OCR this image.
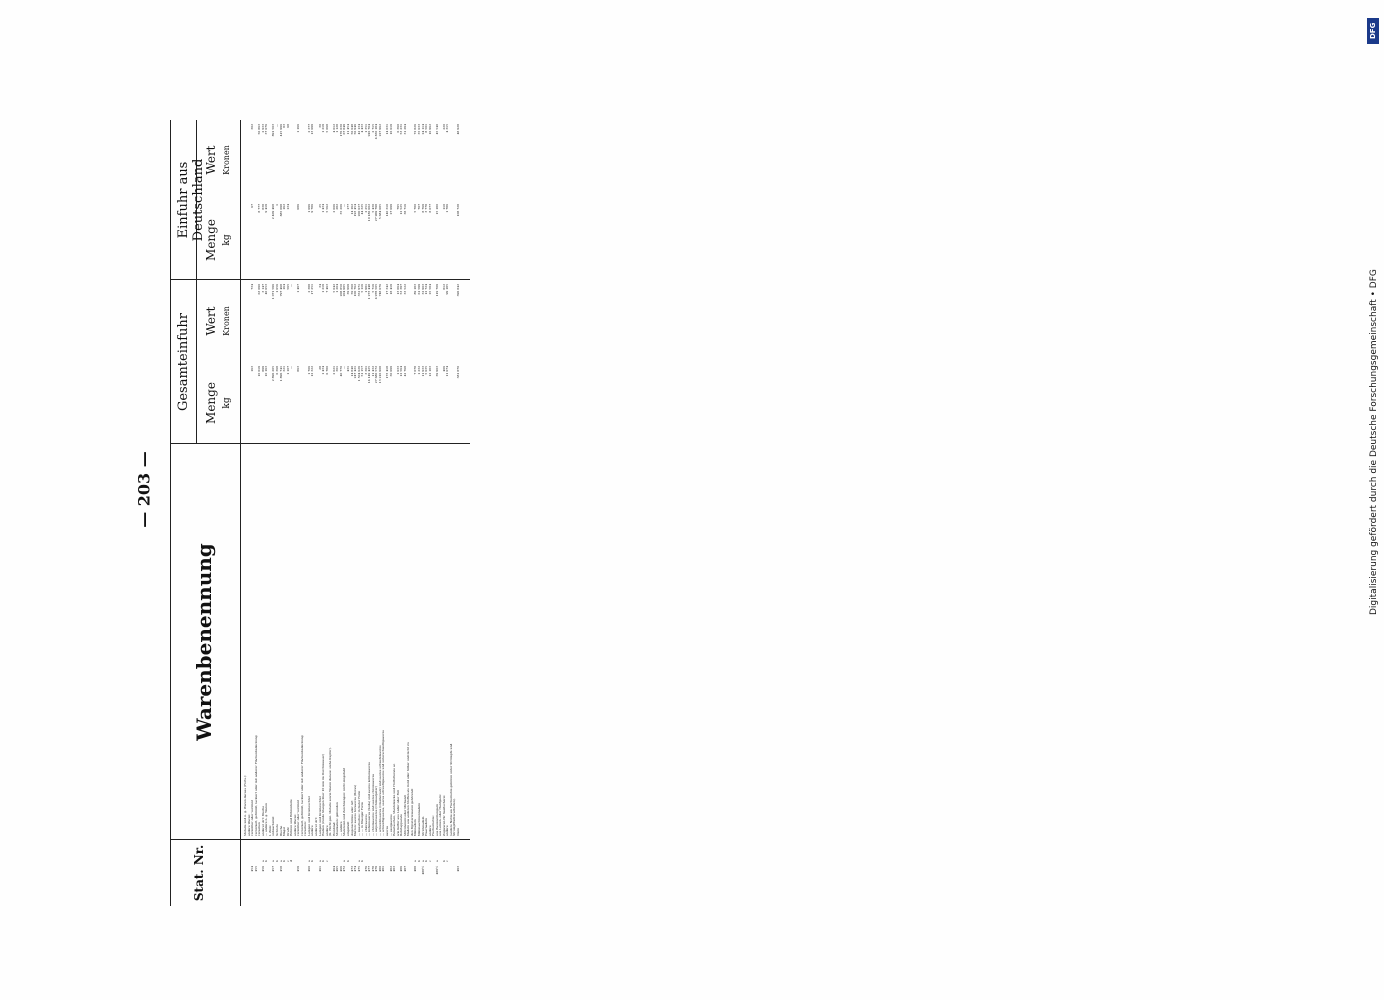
— 203 —
Stat. Nr.
Warenbenennung
Gesamteinfuhr
Einfuhr aus Deutschland
Menge kg
Wert Kronen
Menge kg
Wert Kronen
Metalle und n. g. Waren daraus (Forts.): andere Waren:
454
verzollter oder verzinnt
163
734
67
302
455
vernickelt, gefirnißt, lackiert oder mit anderer Flächenbedeckung versehen
10 019
63 090
8 777
56 863
456
a
anderer Art: Bleche
899
3 147
838
2 933
b
— andere n. g. Waren
10 163
40 653
9 419
37 676
I. Zink:
457
a
unbearbeitet
2 896 205
1 071 596
2 409 468
891 503
b
Schrote
6 368
1 656
1
—
458
a
Bleche
1 896 741
797 468
885 098
415 996
b
Nägel
321
164
162
83
c
Draht
1 107
565
134
68
d
Röhren und Röhrenteile
—
—
andere Waren:
459
verzollter oder verzinnt
863
1 467
686
1 166
vernickelt, gefirnißt, lackiert oder mit anderer Flächenbedeckung versehen:
460
a
Lampen und Kronleuchter
1 706
2 388
1 696
2 377
b
andere
12 322
17 251
9 786
13 699
anderer Art:
461
a
Lampen und Kronleuchter
28
34
25
30
b
Walzen (runde Stangen über 10 mm im Durchmesser)
1 434
1 219
1 434
1 219
c
andere
6 780
7 463
5 562
5 068
(K. Nicht gen. Metalle sowie Waren daraus: siehe Kupfer).
464
Wunblad
2 021
5 042
2 006
4 012
465
Musikalien: gebunden
301
1 204
282
1 128
466
— andere
40 770
208 850
35 206
176 030
472
a
Malereien und Zeichnungen: nicht eingefaßt
—
204 985
—
67 849
b
eingefaßt
431
39 969
177
11 454
473
Augenschirme aller Art
14 840
59 360
14 162
56 648
474
Natron: saures borsaures (Borax)
247 421
100 762
193 454
56 946
475
a
— kaustisches: in fester Form
1 504 626
352 971
200 637
42 134
b
— — in flüssiger Form
51 157
5 116
44 325
4 433
476
— chlorsaures
3 301
1 981
2 251
1 351
477
— kohlensaures (Soda) und saures kohlensaures
14 149 425
1 273 448
10 186 602
916 704
478
— chromsaures und saures chromsaures
11 432
5 716
5 430
2 715
479
— salpetersaures (Chilesalpeter)
27 680 572
4 978 505
27 969 798
4 830 184
480
— schwefelsaures (Glaubersalz) und saures schwefelsaures
13 216 908
748 676
5 684 685
227 962
481
— schwefligsaures, saures schwefligsaures und unterschwefligsaures saures
173 418
17 342
140 310
14 031
482
— essigsaures
30 699
18 419
27 699
16 619
483
Reisetaschen, Mantelsäcke und Hutfutterale so wie Koffer aus Leder oder Fell
1 633
13 064
795
6 360
486
Bohrlapparate
12 564
53 397
12 525
53 231
487
Mitrobenzol oder Mirbanöl
42 768
33 522
38 716
31 294
Nadeln aus anderen Stoffen als Gold oder Silber und nicht zu den Bijouteriewaren gehörend:
488
a
Nähnadeln
7 078
89 183
5 780
72 826
b
Nähmaschinennadeln
1 232
61 599
707
35 633
488½
a
Stricknadeln
11 933
32 903
8 769
24 114
b
Haarnadeln
5 635
12 724
3 778
8 501
c
andere
12 183
25 584
8 077
16 962
Fischernetze:
489½
a
aus Baumwollengarn
39 903
119 709
15 180
45 540
aus Leinen- oder Hanfgarn:
b
Zugwaren für Seefischerei
406
812
110
220
c
andere
11 674
99 185
1 786
4 315
(andere Netze als Fischernetze gehören unter Strümpfe und Strumpfflußterarbeiten).
493
Olein
381 870
396 842
108 728
48 928
DFG
Digitalisierung gefördert durch die Deutsche Forschungsgemeinschaft • DFG
